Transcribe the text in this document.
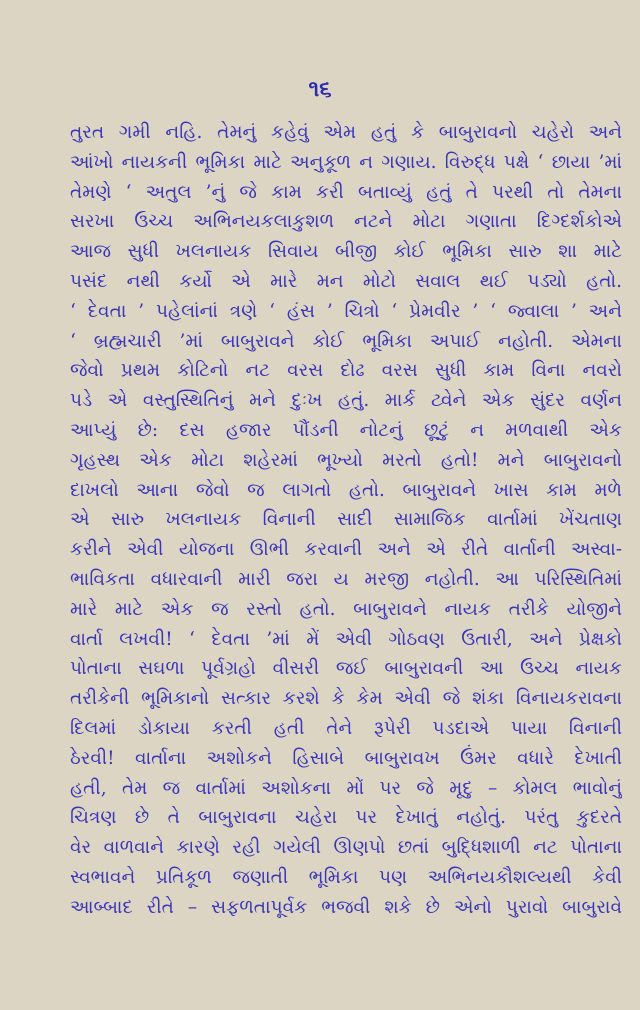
૧૬
તુરત ગમી નહિ. તેમનું કહેવું એમ હતું કે બાબુરાવનો ચહેરો અને
આંખો નાયકની ભૂમિકા માટે અનુકૂળ ન ગણાય. વિરુદ્ધ પક્ષે ‘ છાયા ’માં
તેમણે ‘ અતુલ ’નું જે કામ કરી બતાવ્યું હતું તે પરથી તો તેમના
સરખા ઉચ્ચ અભિનયકલાકુશળ નટને મોટા ગણાતા દિગ્દર્શકોએ
આજ સુધી ખલનાયક સિવાય બીજી કોઈ ભૂમિકા સારુ શા માટે
પસંદ નથી કર્યો એ મારે મન મોટો સવાલ થઈ પડ્યો હતો.
‘ દેવતા ’ પહેલાંનાં ત્રણે ‘ હંસ ’ ચિત્રો ‘ પ્રેમવીર ’ ‘ જ્વાલા ’ અને
‘ બ્રહ્મચારી ’માં બાબુરાવને કોઈ ભૂમિકા અપાઈ નહોતી. એમના
જેવો પ્રથમ કોટિનો નટ વરસ દોઢ વરસ સુધી કામ વિના નવરો
પડે એ વસ્તુસ્થિતિનું મને દુઃખ હતું. માર્ક ટ્વેને એક સુંદર વર્ણન
આપ્યું છે: દસ હજાર પૌંડની નોટનું છૂટું ન મળવાથી એક
ગૃહસ્થ એક મોટા શહેરમાં ભૂખ્યો મરતો હતો! મને બાબુરાવનો
દાખલો આના જેવો જ લાગતો હતો. બાબુરાવને ખાસ કામ મળે
એ સારુ ખલનાયક વિનાની સાદી સામાજિક વાર્તામાં ખેંચતાણ
કરીને એવી યોજના ઊભી કરવાની અને એ રીતે વાર્તાની અસ્વા-
ભાવિકતા વધારવાની મારી જરા ય મરજી નહોતી. આ પરિસ્થિતિમાં
મારે માટે એક જ રસ્તો હતો. બાબુરાવને નાયક તરીકે યોજીને
વાર્તા લખવી! ‘ દેવતા ’માં મેં એવી ગોઠવણ ઉતારી, અને પ્રેક્ષકો
પોતાના સઘળા પૂર્વગ્રહો વીસરી જઈ બાબુરાવની આ ઉચ્ચ નાયક
તરીકેની ભૂમિકાનો સત્કાર કરશે કે કેમ એવી જે શંકા વિનાયકરાવના
દિલમાં ડોકાયા કરતી હતી તેને રૂપેરી પડદાએ પાયા વિનાની
ઠેરવી! વાર્તાના અશોકને હિસાબે બાબુરાવખ ઉંમર વધારે દેખાતી
હતી, તેમ જ વાર્તામાં અશોકના મોં પર જે મૃદુ – કોમલ ભાવોનું
ચિત્રણ છે તે બાબુરાવના ચહેરા પર દેખાતું નહોતું. પરંતુ કુદરતે
વેર વાળવાને કારણે રહી ગયેલી ઊણપો છતાં બુદ્ધિશાળી નટ પોતાના
સ્વભાવને પ્રતિકૂળ જણાતી ભૂમિકા પણ અભિનયકૌશલ્યથી કેવી
આબ્બાદ રીતે – સફળતાપૂર્વક ભજવી શકે છે એનો પુરાવો બાબુરાવે
